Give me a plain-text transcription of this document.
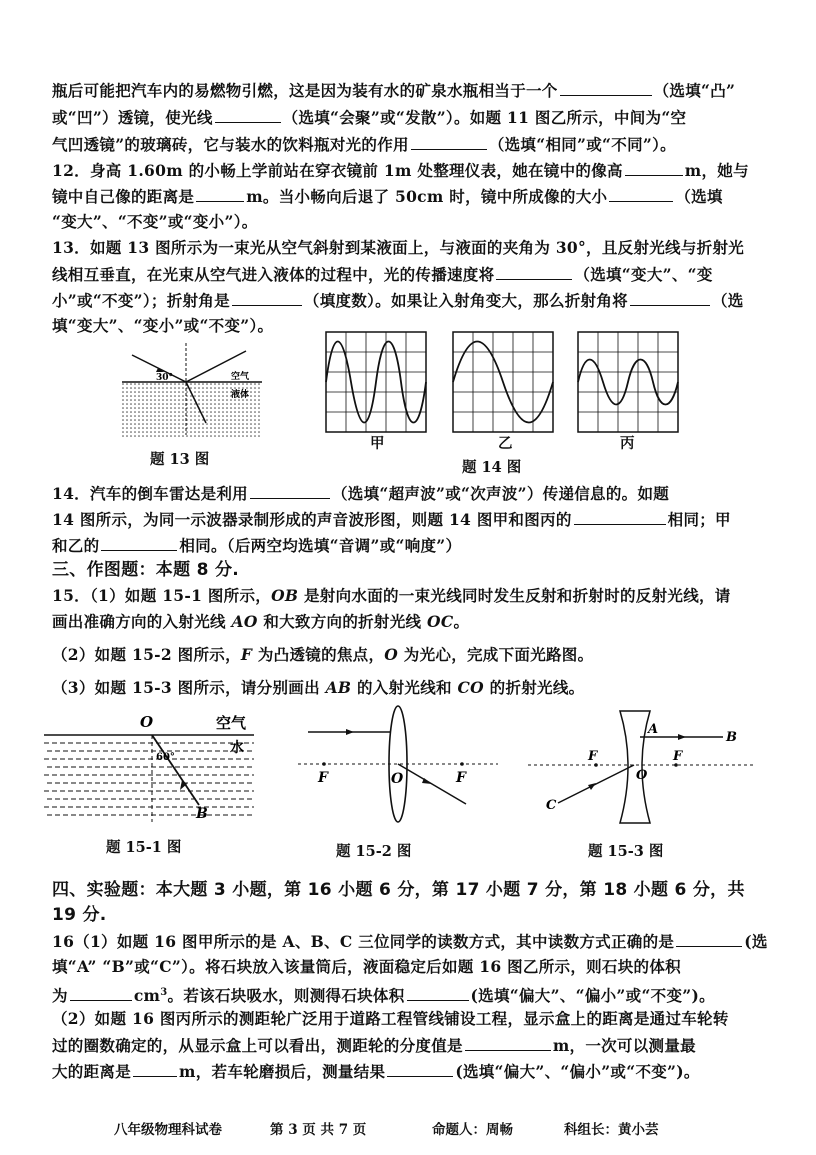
瓶后可能把汽车内的易燃物引燃，这是因为装有水的矿泉水瓶相当于一个	（选填“凸”
或“凹”）透镜，使光线	（选填“会聚”或“发散”）。如题 11 图乙所示，中间为“空
气凹透镜”的玻璃砖，它与装水的饮料瓶对光的作用	（选填“相同”或“不同”）。
12．身高 1.60m 的小畅上学前站在穿衣镜前 1m 处整理仪表，她在镜中的像高	m，她与
镜中自己像的距离是	m。当小畅向后退了 50cm 时，镜中所成像的大小	（选填
“变大”、“不变”或“变小”）。
13．如题 13 图所示为一束光从空气斜射到某液面上，与液面的夹角为 30°，且反射光线与折射光
线相互垂直，在光束从空气进入液体的过程中，光的传播速度将	（选填“变大”、“变
小”或“不变”）；折射角是	（填度数）。如果让入射角变大，那么折射角将	（选
填“变大”、“变小”或“不变”）。
30°	空气
液体
题 13 图
甲	乙	丙
题 14 图
14．汽车的倒车雷达是利用	（选填“超声波”或“次声波”）传递信息的。如题
14 图所示，为同一示波器录制形成的声音波形图，则题 14 图甲和图丙的	相同；甲
和乙的	相同。（后两空均选填“音调”或“响度”）
三、作图题：本题 8 分.
15．（1）如题 15-1 图所示，OB 是射向水面的一束光线同时发生反射和折射时的反射光线，请
画出准确方向的入射光线 AO 和大致方向的折射光线 OC。
（2）如题 15-2 图所示，F 为凸透镜的焦点，O 为光心，完成下面光路图。
（3）如题 15-3 图所示，请分别画出 AB 的入射光线和 CO 的折射光线。
O
B
空气
水
60°
题 15-1 图
F	O	F
题 15-2 图
A
B
F
O
F
C
题 15-3 图
四、实验题：本大题 3 小题，第 16 小题 6 分，第 17 小题 7 分，第 18 小题 6 分，共
19 分.
16（1）如题 16 图甲所示的是 A、B、C 三位同学的读数方式，其中读数方式正确的是	(选
填“A” “B”或“C”）。将石块放入该量筒后，液面稳定后如题 16 图乙所示，则石块的体积
为	$cm^3$。若该石块吸水，则测得石块体积	(选填“偏大”、“偏小”或“不变”)。
（2）如题 16 图丙所示的测距轮广泛用于道路工程管线铺设工程，显示盒上的距离是通过车轮转
过的圈数确定的，从显示盒上可以看出，测距轮的分度值是	m，一次可以测量最
大的距离是	m，若车轮磨损后，测量结果	(选填“偏大”、“偏小”或“不变”)。
八年级物理科试卷	第 3 页 共 7 页	命题人：周畅	科组长：黄小芸
